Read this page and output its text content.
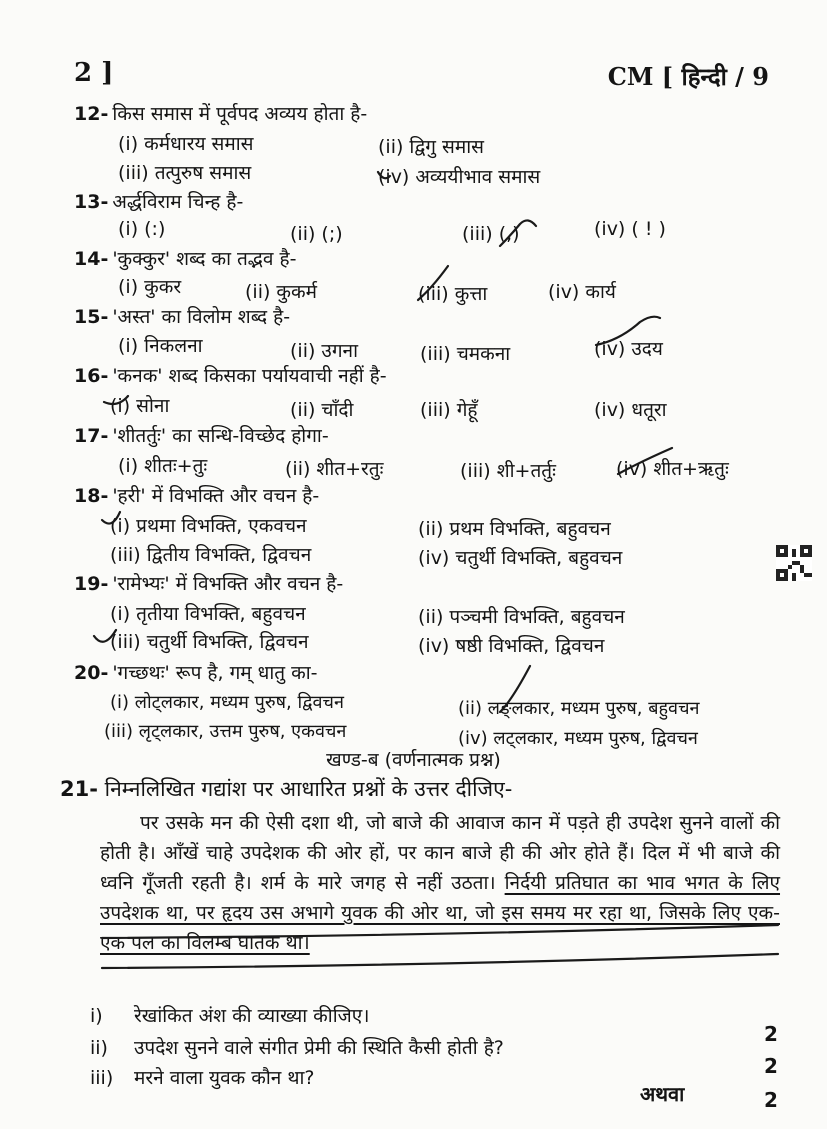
2 ]	CM [ हिन्दी / 9
12- किस समास में पूर्वपद अव्यय होता है-
(i) कर्मधारय समास	(ii) द्विगु समास
(iii) तत्पुरुष समास	(iv) अव्ययीभाव समास
13- अर्द्धविराम चिन्ह है-
(i) (:)	(ii) (;)	(iii) (,)	(iv) ( ! )
14- 'कुक्कुर' शब्द का तद्भव है-
(i) कुकर	(ii) कुकर्म	(iii) कुत्ता	(iv) कार्य
15- 'अस्त' का विलोम शब्द है-
(i) निकलना	(ii) उगना	(iii) चमकना	(iv) उदय
16- 'कनक' शब्द किसका पर्यायवाची नहीं है-
(i) सोना	(ii) चाँदी	(iii) गेहूँ	(iv) धतूरा
17- 'शीतर्तुः' का सन्धि-विच्छेद होगा-
(i) शीतः+तुः	(ii) शीत+रतुः	(iii) शी+तर्तुः	(iv) शीत+ऋतुः
18- 'हरी' में विभक्ति और वचन है-
(i) प्रथमा विभक्ति, एकवचन	(ii) प्रथम विभक्ति, बहुवचन
(iii) द्वितीय विभक्ति, द्विवचन	(iv) चतुर्थी विभक्ति, बहुवचन
19- 'रामेभ्यः' में विभक्ति और वचन है-
(i) तृतीया विभक्ति, बहुवचन	(ii) पञ्चमी विभक्ति, बहुवचन
(iii) चतुर्थी विभक्ति, द्विवचन	(iv) षष्ठी विभक्ति, द्विवचन
20- 'गच्छथः' रूप है, गम् धातु का-
(i) लोट्लकार, मध्यम पुरुष, द्विवचन	(ii) लङ्लकार, मध्यम पुरुष, बहुवचन
(iii) लृट्लकार, उत्तम पुरुष, एकवचन	(iv) लट्लकार, मध्यम पुरुष, द्विवचन
खण्ड-ब (वर्णनात्मक प्रश्न)
21- निम्नलिखित गद्यांश पर आधारित प्रश्नों के उत्तर दीजिए-
पर उसके मन की ऐसी दशा थी, जो बाजे की आवाज कान में पड़ते ही उपदेश सुनने वालों की होती है। आँखें चाहे उपदेशक की ओर हों, पर कान बाजे ही की ओर होते हैं। दिल में भी बाजे की ध्वनि गूँजती रहती है। शर्म के मारे जगह से नहीं उठता। निर्दयी प्रतिघात का भाव भगत के लिए उपदेशक था, पर हृदय उस अभागे युवक की ओर था, जो इस समय मर रहा था, जिसके लिए एक-एक पल का विलम्ब घातक था।
i) रेखांकित अंश की व्याख्या कीजिए।
2
ii) उपदेश सुनने वाले संगीत प्रेमी की स्थिति कैसी होती है?
2
iii) मरने वाला युवक कौन था?
2
अथवा
